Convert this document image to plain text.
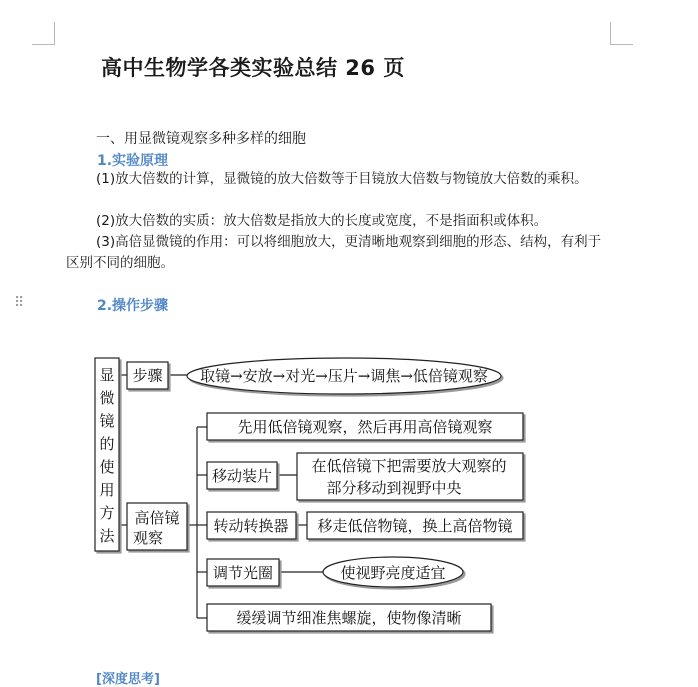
高中生物学各类实验总结 26 页
一、用显微镜观察多种多样的细胞
1.实验原理
(1)放大倍数的计算，显微镜的放大倍数等于目镜放大倍数与物镜放大倍数的乘积。
(2)放大倍数的实质：放大倍数是指放大的长度或宽度，不是指面积或体积。
(3)高倍显微镜的作用：可以将细胞放大，更清晰地观察到细胞的形态、结构，有利于区别不同的细胞。
⠿	2.操作步骤
显
微
镜
的
使
用
方
法
步骤	取镜→安放→对光→压片→调焦→低倍镜观察
高倍镜
观察
先用低倍镜观察，然后再用高倍镜观察
移动装片
在低倍镜下把需要放大观察的
部分移动到视野中央
转动转换器 移走低倍物镜，换上高倍物镜
调节光圈	使视野亮度适宜
缓缓调节细准焦螺旋，使物像清晰
[深度思考]
